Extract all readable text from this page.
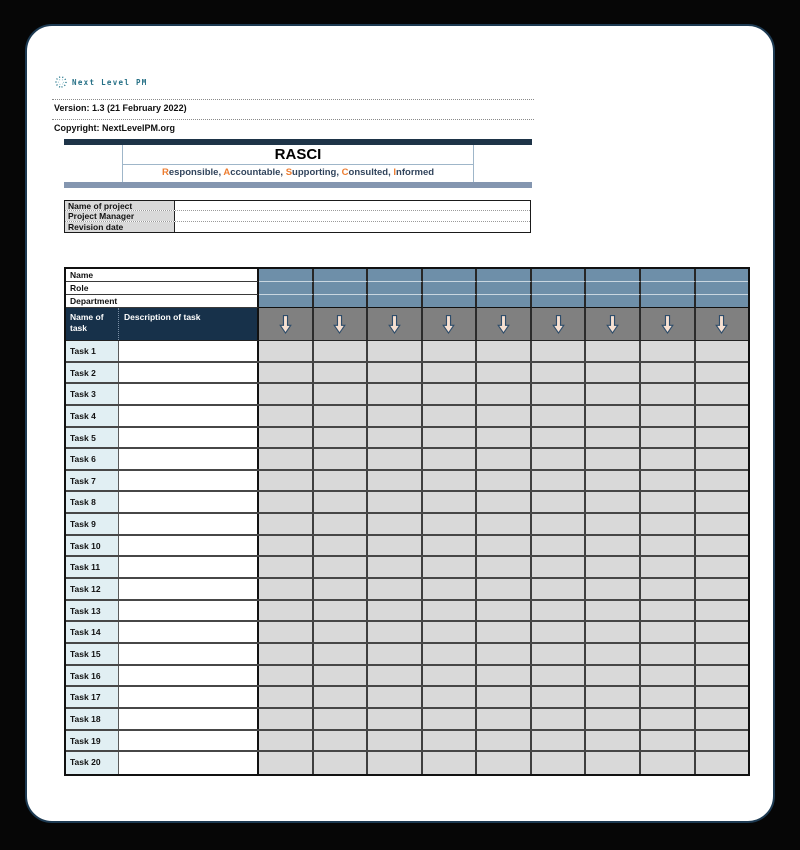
Next Level PM
Version: 1.3 (21 February 2022)
Copyright: NextLevelPM.org
RASCI
Responsible, Accountable, Supporting, Consulted, Informed
Name of project
Project Manager
Revision date
Name
Role
Department
Name of task
Description of task
Task 1
Task 2
Task 3
Task 4
Task 5
Task 6
Task 7
Task 8
Task 9
Task 10
Task 11
Task 12
Task 13
Task 14
Task 15
Task 16
Task 17
Task 18
Task 19
Task 20
